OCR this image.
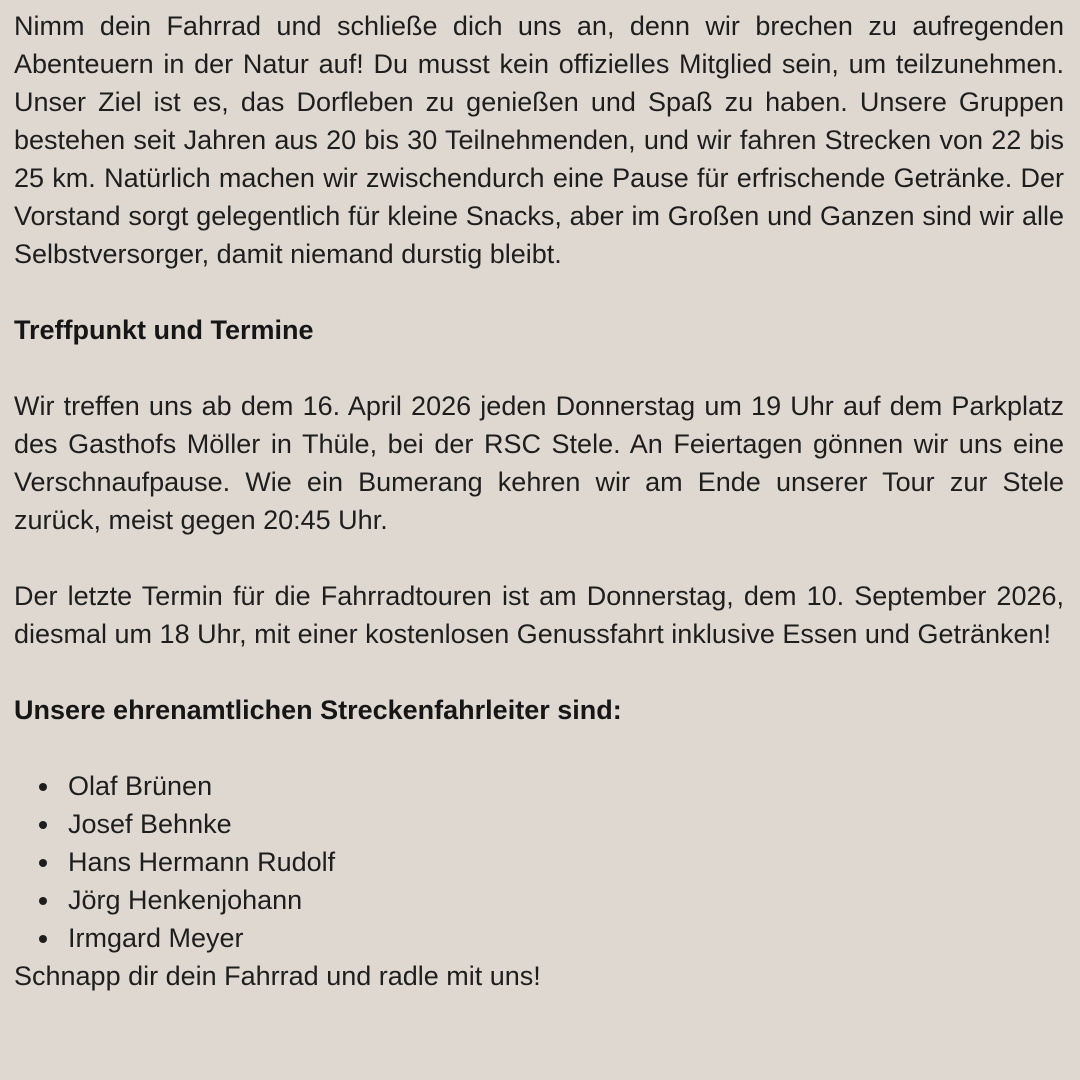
Nimm dein Fahrrad und schließe dich uns an, denn wir brechen zu aufregenden Abenteuern in der Natur auf! Du musst kein offizielles Mitglied sein, um teilzunehmen. Unser Ziel ist es, das Dorfleben zu genießen und Spaß zu haben. Unsere Gruppen bestehen seit Jahren aus 20 bis 30 Teilnehmenden, und wir fahren Strecken von 22 bis 25 km. Natürlich machen wir zwischendurch eine Pause für erfrischende Getränke. Der Vorstand sorgt gelegentlich für kleine Snacks, aber im Großen und Ganzen sind wir alle Selbstversorger, damit niemand durstig bleibt.

Treffpunkt und Termine

Wir treffen uns ab dem 16. April 2026 jeden Donnerstag um 19 Uhr auf dem Parkplatz des Gasthofs Möller in Thüle, bei der RSC Stele. An Feiertagen gönnen wir uns eine Verschnaufpause. Wie ein Bumerang kehren wir am Ende unserer Tour zur Stele zurück, meist gegen 20:45 Uhr.

Der letzte Termin für die Fahrradtouren ist am Donnerstag, dem 10. September 2026, diesmal um 18 Uhr, mit einer kostenlosen Genussfahrt inklusive Essen und Getränken!

Unsere ehrenamtlichen Streckenfahrleiter sind:
• Olaf Brünen
• Josef Behnke
• Hans Hermann Rudolf
• Jörg Henkenjohann
• Irmgard Meyer

Schnapp dir dein Fahrrad und radle mit uns!
